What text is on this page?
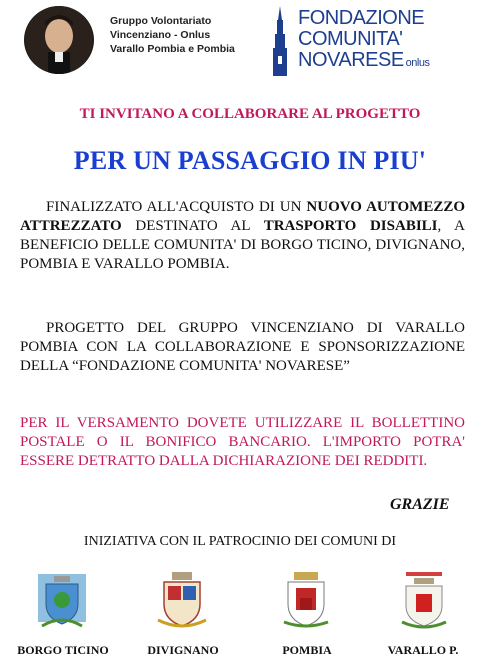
Gruppo Volontariato
Vincenziano - Onlus
Varallo Pombia e Pombia
FONDAZIONE
COMUNITA'
NOVARESE onlus
TI INVITANO A COLLABORARE AL PROGETTO
PER UN PASSAGGIO IN PIU'
FINALIZZATO ALL'ACQUISTO DI UN NUOVO AUTOMEZZO ATTREZZATO DESTINATO AL TRASPORTO DISABILI, A BENEFICIO DELLE COMUNITA' DI BORGO TICINO, DIVIGNANO, POMBIA E VARALLO POMBIA.
PROGETTO DEL GRUPPO VINCENZIANO DI VARALLO POMBIA CON LA COLLABORAZIONE E SPONSORIZZAZIONE DELLA “FONDAZIONE COMUNITA' NOVARESE”
PER IL VERSAMENTO DOVETE UTILIZZARE IL BOLLETTINO POSTALE O IL BONIFICO BANCARIO. L'IMPORTO POTRA' ESSERE DETRATTO DALLA DICHIARAZIONE DEI REDDITI.
GRAZIE
INIZIATIVA CON IL PATROCINIO DEI COMUNI DI
BORGO TICINO	DIVIGNANO	POMBIA	VARALLO P.
